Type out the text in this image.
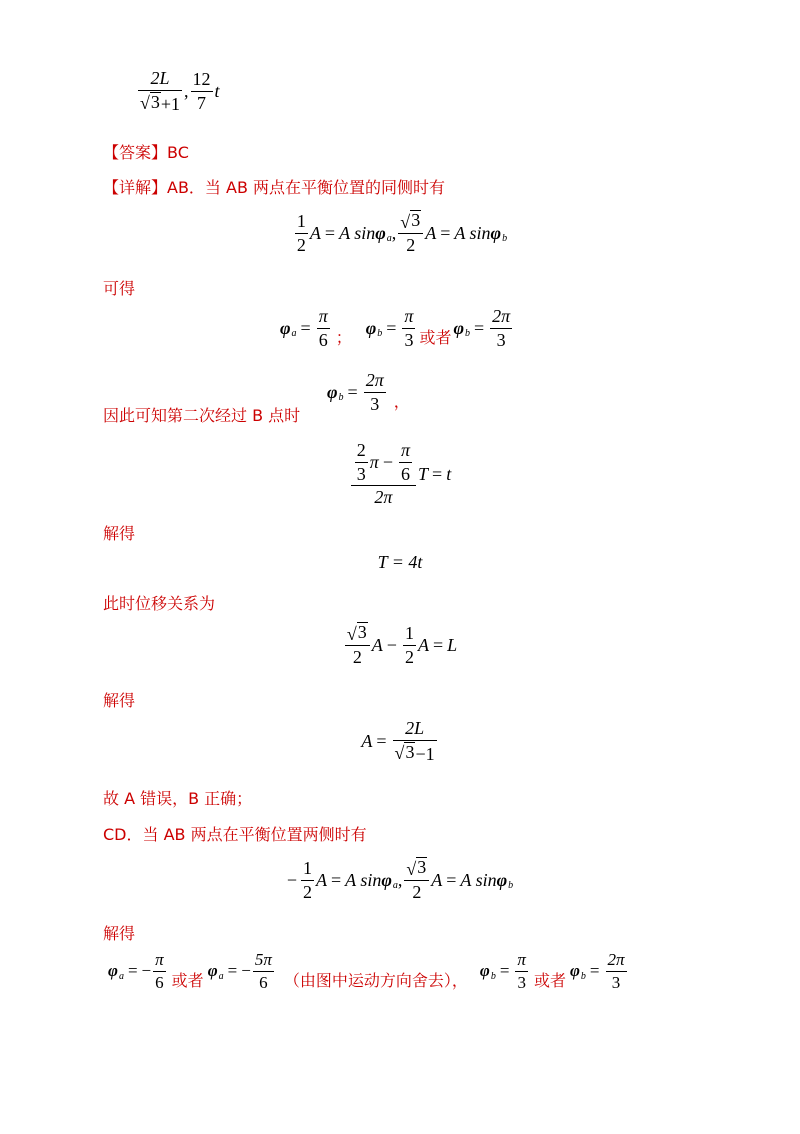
$\frac{2L}{√ 3 +1}$ , $\frac{12}{7}$ t
【答案】BC
【详解】AB．当 AB 两点在平衡位置的同侧时有
$\frac{1}{2}$ A = A sin φ a , $\frac{√ 3}{2}$ A = A sin φ b
可得
φ $a = \frac{\pi}{6}$ ； φ $b = \frac{\pi}{3}$ 或者 φ $b = \frac{2\pi}{3}$
因此可知第二次经过 B 点时
φ $b = \frac{2\pi}{3}$ ，
$\frac{\frac{2}{3} \pi - \frac{\pi}{6}}{2\pi}$ T = t
解得
T = 4t
此时位移关系为
$\frac{√ 3}{2}$ $A - \frac{1}{2}$ A = L
解得
$A = \frac{2L}{√ 3 -1}$
故 A 错误，B 正确；
CD．当 AB 两点在平衡位置两侧时有
− $\frac{1}{2}$ A = A sin φ a , $\frac{√ 3}{2}$ A = A sin φ b
解得
φ a = − $\frac{\pi}{6}$ 或者 φ a = − $\frac{5\pi}{6}$ （由图中运动方向舍去）， φ $b = \frac{\pi}{3}$ 或者 φ $b = \frac{2\pi}{3}$
